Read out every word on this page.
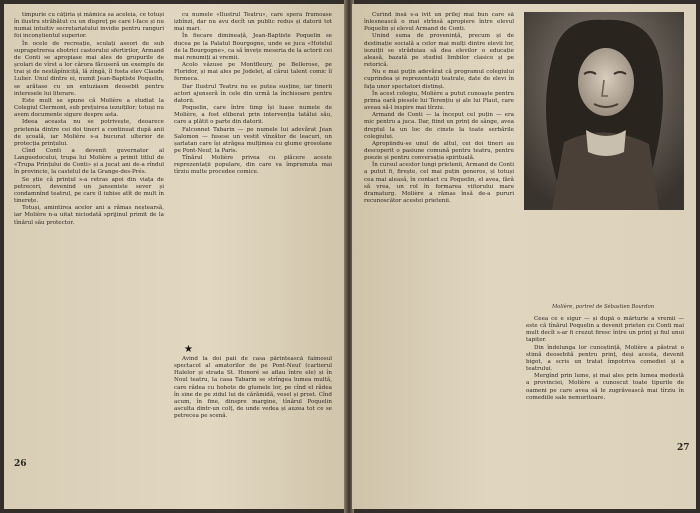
timpurie cu cățiria și mămica sa aceleia, ce totuși în ilustru străbătut cu un dispreț pe care l-face și nu numai intuitiv secretariatului invidie pentru ranguri foi inconștientul superior.

În ocele de recreație, sculați aseori de sub suprapetrerea ebotrici castorului sfertirilor, Armand de Conti se apropiase mai ales de grupurile de școlari de vîrst a lor cărora făcuseră un exemplu de trai și de nestăpîniciță, lă zîngă, îl fosta elev Claude Lulier. Unul dintre ei, numit Jean-Baptiste Poquelin, se arătase cu un entuziasm deosebit pentru interesele lui literare.

Este mult se spune că Molière a studiat la Colegiul Clermont, sub prețuirea iezuiților; totuși nu avem documente sigure despre asta.

Ideea aceasta nu se potrivește, deoarece prietenia dintre cei doi tineri a continuat după anii de școală, iar Molière s-a bucurat ulterior de protecția prințului.

Cînd Conti a devenit guvernator al Languedocului, trupa lui Molière a primit titlul de «Trupa Prințului de Conti» și a jucat ani de-a rîndul în provincie, la castelul de la Grange-des-Prés.

Se știe că prințul s-a retras apoi din viața de petreceri, devenind un janseniste sever și condamnînd teatrul, pe care îl iubise atît de mult în tinerețe.

Totuși, amintirea acelor ani a rămas neștearsă, iar Molière n-a uitat niciodată sprijinul primit de la tînărul său protector.

cu numele «Ilustrul Teatru», care spera frumoase izbînzi, dar nu avu decît un public redus și datorii tot mai mari.

În fiecare dimineață, Jean-Baptiste Poquelin se ducea pe la Palatul Bourgogne, unde se juca «Hotelul de la Bourgogne», ca să învețe meseria de la actorii cei mai renumiți ai vremii.

Acolo văzuse pe Montfleury, pe Bellerose, pe Floridor, și mai ales pe Jodelet, al cărui talent comic îl fermeca.

Dar Ilustrul Teatru nu se putea susține, iar tinerii actori ajunseră în cele din urmă la închisoare pentru datorii.

Poquelin, care între timp își luase numele de Molière, a fost eliberat prin intervenția tatălui său, care a plătit o parte din datorii.

Falconnet Tabarin — pe numele lui adevărat Jean Salomon — fusese un vestit vînzător de leacuri, un șarlatan care își atrăgea mulțimea cu glume grosolane pe Pont-Neuf, la Paris.

Tînărul Molière privea cu plăcere aceste reprezentații populare, din care va împrumuta mai tîrziu multe procedee comice.

★

Avînd la doi paii de casa părintească faimosul spectacol al amatorilor de pe Pont-Neuf (cartierul Halelor și strada St. Honoré se aflau între ele) și în Noul teatru, la casa Tabarin se strîngea lumea multă, care râdea cu hohote de glumele lor, pe cînd el râdea în sine de pe zidul lui de cărămidă, vesel și prost. Cînd acum, în fine, dinspre margine, tînărul Poquelin asculta dintr-un colț, de unde vedea și auzea tot ce se petrecea pe scenă.

26

Curînd însă s-a ivit un prilej mai bun care să înlesnească o mai strînsă apropiere între elevul Poquelin și elevul Armand de Conti.

Unind suma de provenință, precum și de destinație socială a celor mai mulți dintre elevii lor, iezuiții se străduiau să dea elevilor o educație aleasă, bazată pe studiul limbilor clasice și pe retorică.

Nu e mai puțin adevărat că programul colegiului cuprindea și reprezentații teatrale, date de elevi în fața unor spectatori distinși.

În acest colegiu, Molière a putut cunoaște pentru prima oară piesele lui Terențiu și ale lui Plaut, care aveau să-l inspire mai tîrziu.

Armand de Conti — la început cel puțin — era mic pentru a juca. Dar, fiind un prinț de sânge, avea dreptul la un loc de cinste la toate serbările colegiului.

Apropiindu-se unul de altul, cei doi tineri au descoperit o pasiune comună pentru teatru, pentru poezie și pentru conversația spirituală.

În cursul acestor lungi prietenii, Armand de Conti a putut fi, firește, cel mai puțin generos, și totuși cea mai aleasă, în contact cu Poquelin, el avea, fără să vrea, un rol în formarea viitorului mare dramaturg. Molière a rămas însă de-a pururi recunoscător acestei prietenii.

Molière, portret de Sébastien Bourdon

Ceea ce e sigur — și după o mărturie a vremii — este că tînărul Poquelin a devenit prieten cu Conti mai mult decît s-ar fi crezut firesc între un prinț și fiul unui tapițer.

Din îndelunga lor cunoștință, Molière a păstrat o stimă deosebită pentru prinț, deși acesta, devenit bigot, a scris un tratat împotriva comediei și a teatrului.

Mergînd prin lume, și mai ales prin lumea modestă a provinciei, Molière a cunoscut toate tipurile de oameni pe care avea să le zugrăvească mai tîrziu în comediile sale nemuritoare.

27
